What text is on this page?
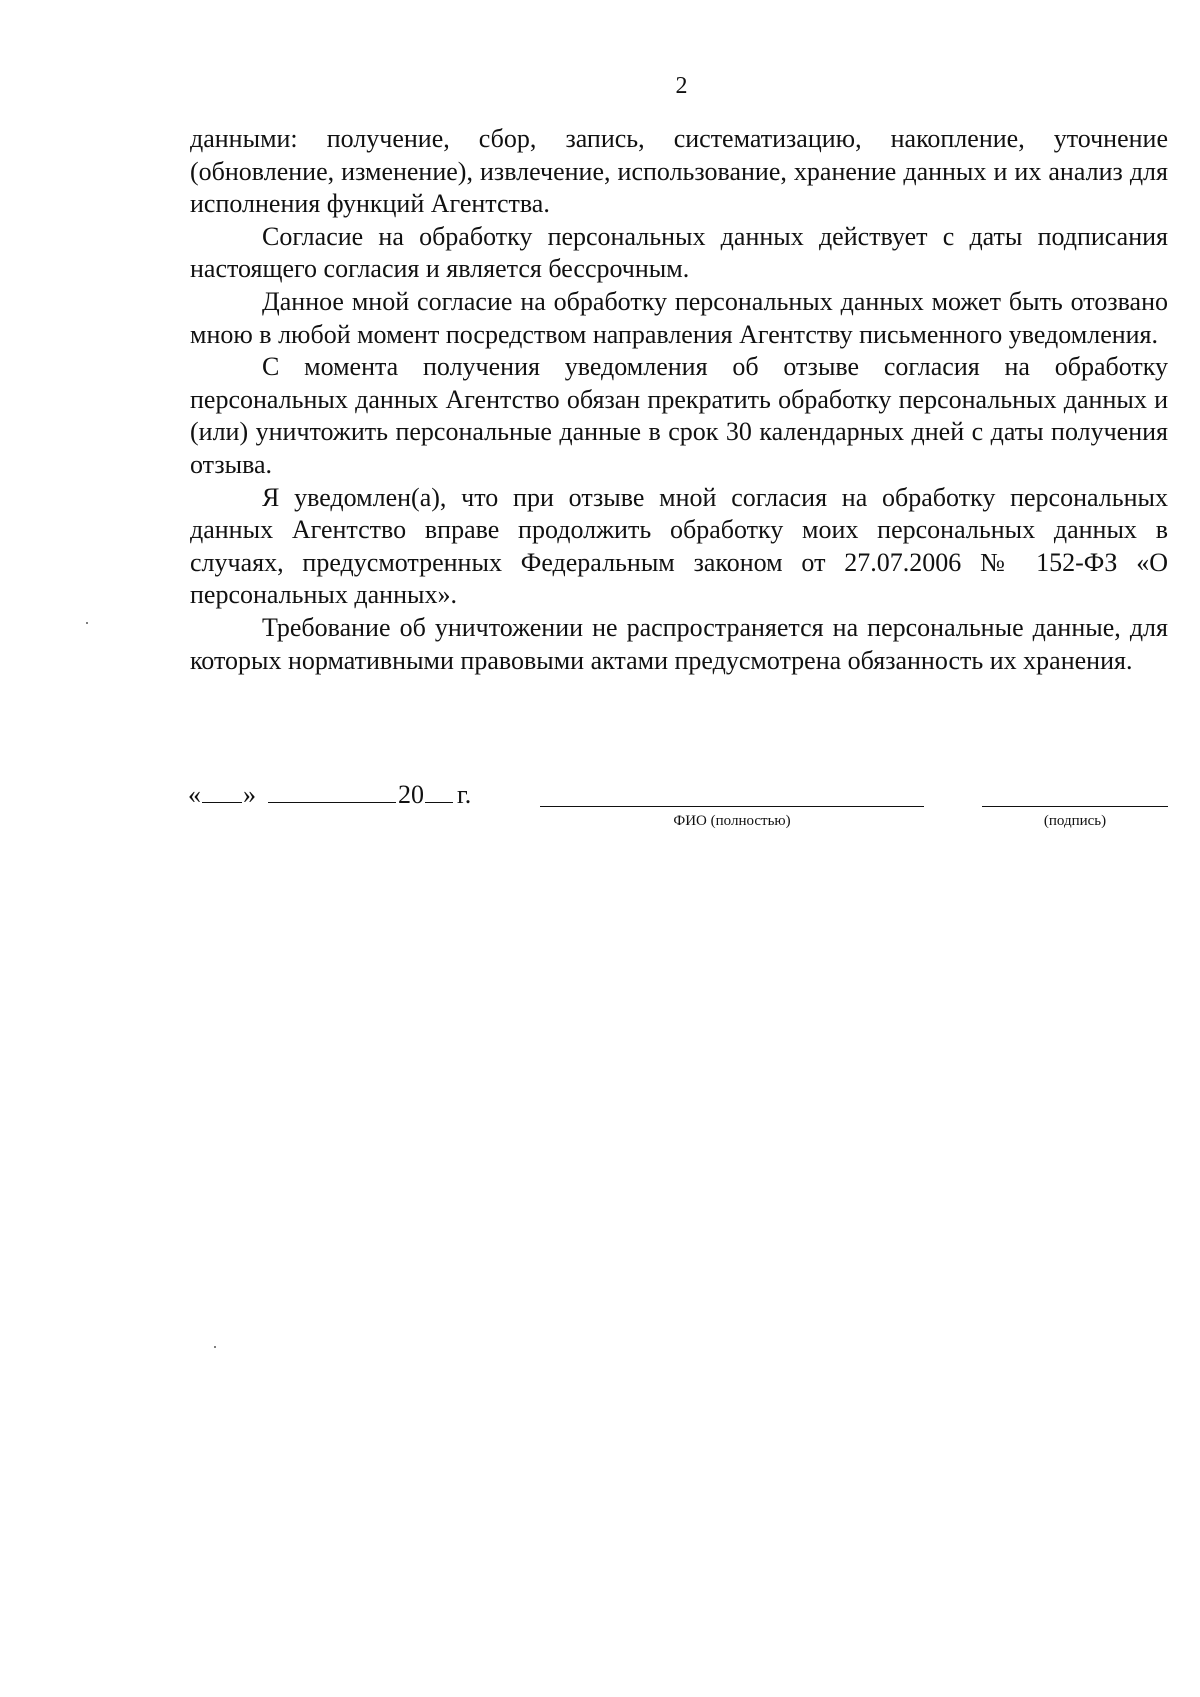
2

данными: получение, сбор, запись, систематизацию, накопление, уточнение (обновление, изменение), извлечение, использование, хранение данных и их анализ для исполнения функций Агентства.

Согласие на обработку персональных данных действует с даты подписания настоящего согласия и является бессрочным.

Данное мной согласие на обработку персональных данных может быть отозвано мною в любой момент посредством направления Агентству письменного уведомления.

С момента получения уведомления об отзыве согласия на обработку персональных данных Агентство обязан прекратить обработку персональных данных и (или) уничтожить персональные данные в срок 30 календарных дней с даты получения отзыва.

Я уведомлен(а), что при отзыве мной согласия на обработку персональных данных Агентство вправе продолжить обработку моих персональных данных в случаях, предусмотренных Федеральным законом от 27.07.2006 № 152-ФЗ «О персональных данных».

Требование об уничтожении не распространяется на персональные данные, для которых нормативными правовыми актами предусмотрена обязанность их хранения.

« »	20 г.
ФИО (полностью)	(подпись)
